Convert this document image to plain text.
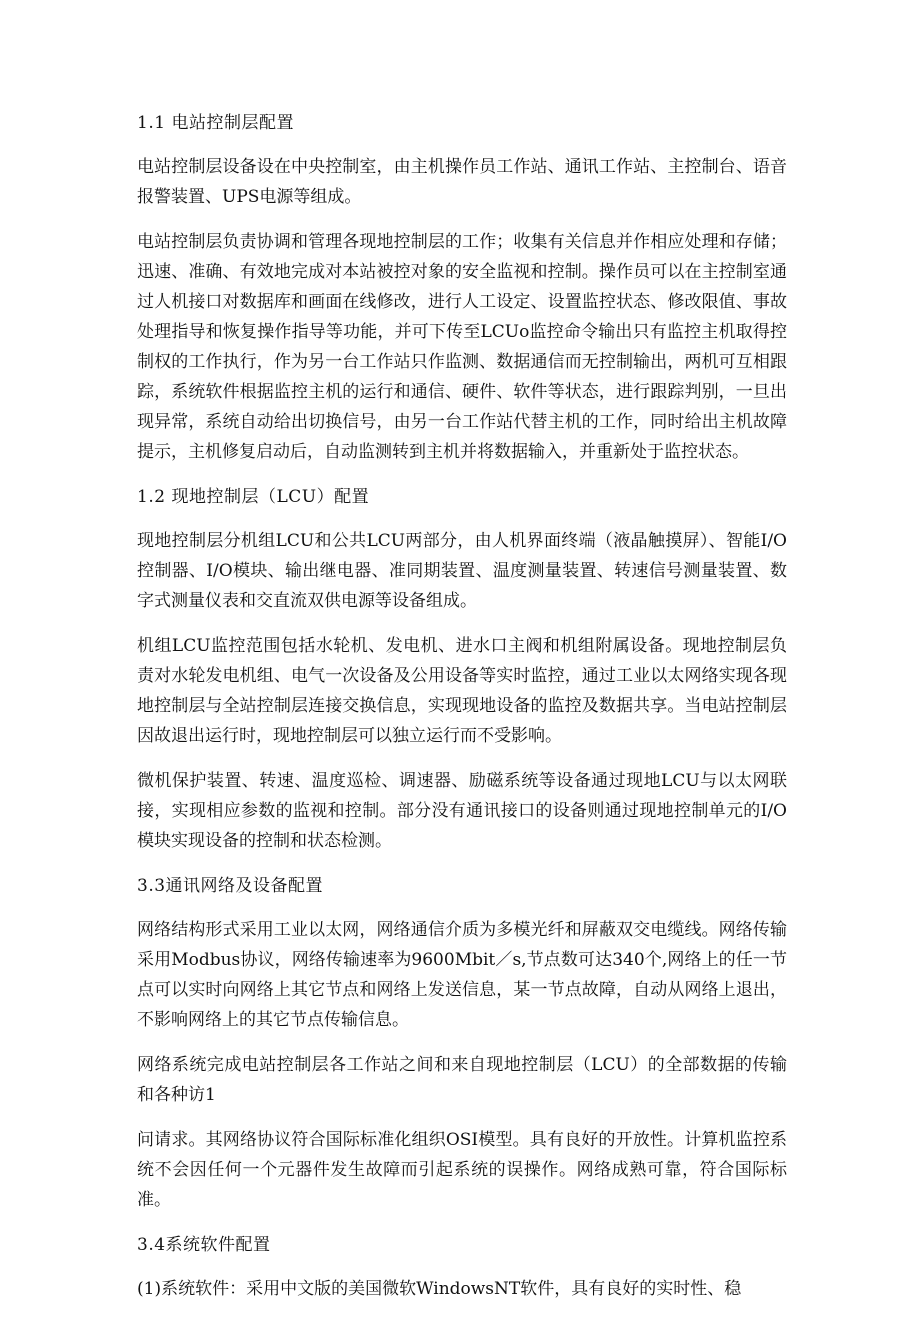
1.1 电站控制层配置

电站控制层设备设在中央控制室，由主机操作员工作站、通讯工作站、主控制台、语音报警装置、UPS电源等组成。

电站控制层负责协调和管理各现地控制层的工作；收集有关信息并作相应处理和存储；迅速、准确、有效地完成对本站被控对象的安全监视和控制。操作员可以在主控制室通过人机接口对数据库和画面在线修改，进行人工设定、设置监控状态、修改限值、事故处理指导和恢复操作指导等功能，并可下传至LCUo监控命令输出只有监控主机取得控制权的工作执行，作为另一台工作站只作监测、数据通信而无控制输出，两机可互相跟踪，系统软件根据监控主机的运行和通信、硬件、软件等状态，进行跟踪判别，一旦出现异常，系统自动给出切换信号，由另一台工作站代替主机的工作，同时给出主机故障提示，主机修复启动后，自动监测转到主机并将数据输入，并重新处于监控状态。

1.2 现地控制层（LCU）配置

现地控制层分机组LCU和公共LCU两部分，由人机界面终端（液晶触摸屏）、智能I/O控制器、I/O模块、输出继电器、准同期装置、温度测量装置、转速信号测量装置、数字式测量仪表和交直流双供电源等设备组成。

机组LCU监控范围包括水轮机、发电机、进水口主阀和机组附属设备。现地控制层负责对水轮发电机组、电气一次设备及公用设备等实时监控，通过工业以太网络实现各现地控制层与全站控制层连接交换信息，实现现地设备的监控及数据共享。当电站控制层因故退出运行时，现地控制层可以独立运行而不受影响。

微机保护装置、转速、温度巡检、调速器、励磁系统等设备通过现地LCU与以太网联接，实现相应参数的监视和控制。部分没有通讯接口的设备则通过现地控制单元的I/O模块实现设备的控制和状态检测。

3.3通讯网络及设备配置

网络结构形式采用工业以太网，网络通信介质为多模光纤和屏蔽双交电缆线。网络传输采用Modbus协议，网络传输速率为9600Mbit／s,节点数可达340个,网络上的任一节点可以实时向网络上其它节点和网络上发送信息，某一节点故障，自动从网络上退出，不影响网络上的其它节点传输信息。

网络系统完成电站控制层各工作站之间和来自现地控制层（LCU）的全部数据的传输和各种访1

问请求。其网络协议符合国际标准化组织OSI模型。具有良好的开放性。计算机监控系统不会因任何一个元器件发生故障而引起系统的误操作。网络成熟可靠，符合国际标准。

3.4系统软件配置

(1)系统软件：采用中文版的美国微软WindowsNT软件，具有良好的实时性、稳
